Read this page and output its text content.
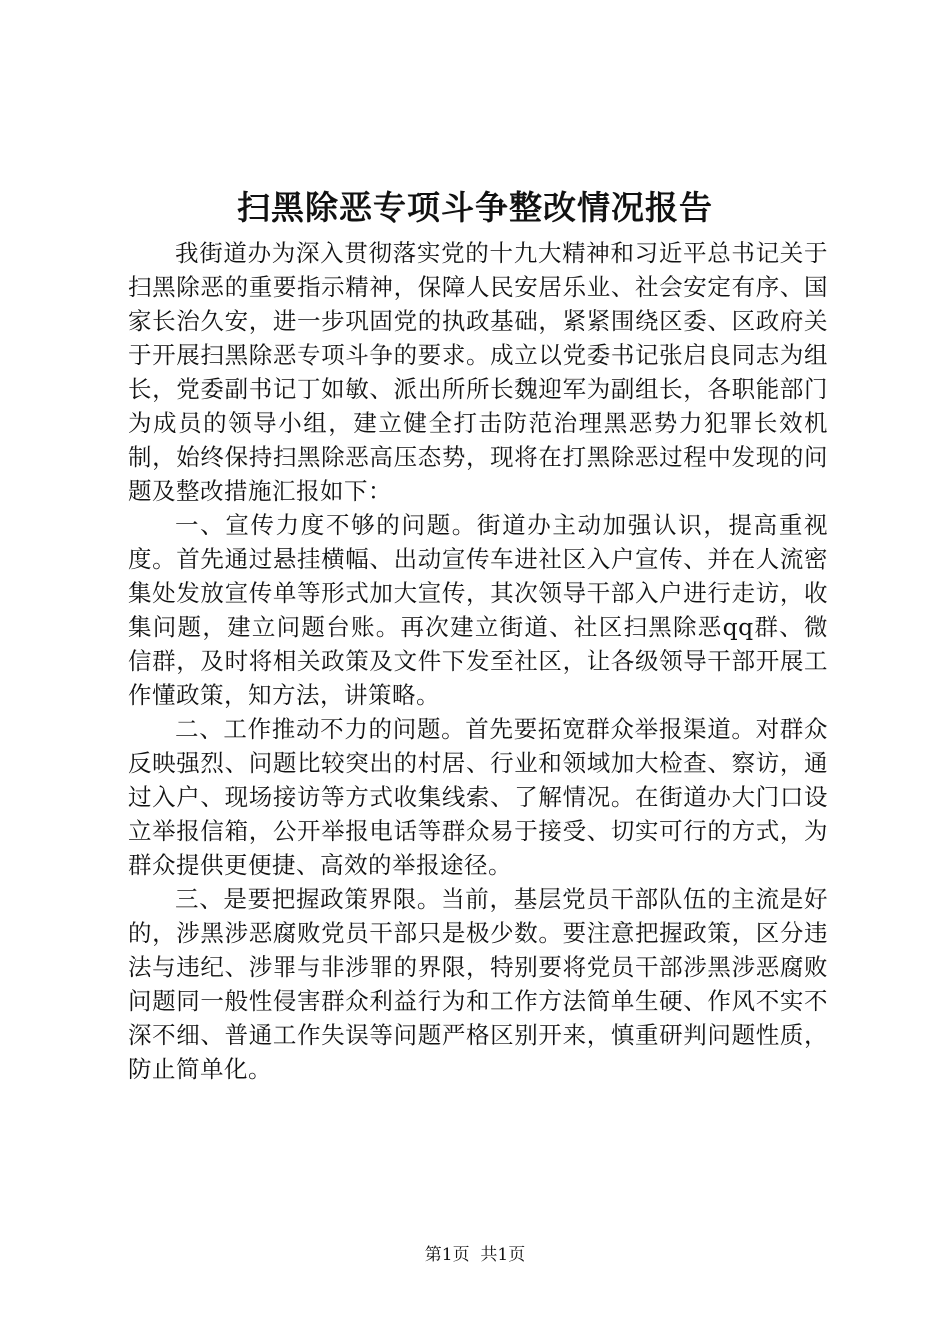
扫黑除恶专项斗争整改情况报告

我街道办为深入贯彻落实党的十九大精神和习近平总书记关于扫黑除恶的重要指示精神，保障人民安居乐业、社会安定有序、国家长治久安，进一步巩固党的执政基础，紧紧围绕区委、区政府关于开展扫黑除恶专项斗争的要求。成立以党委书记张启良同志为组长，党委副书记丁如敏、派出所所长魏迎军为副组长，各职能部门为成员的领导小组，建立健全打击防范治理黑恶势力犯罪长效机制，始终保持扫黑除恶高压态势，现将在打黑除恶过程中发现的问题及整改措施汇报如下：

一、宣传力度不够的问题。街道办主动加强认识，提高重视度。首先通过悬挂横幅、出动宣传车进社区入户宣传、并在人流密集处发放宣传单等形式加大宣传，其次领导干部入户进行走访，收集问题，建立问题台账。再次建立街道、社区扫黑除恶qq群、微信群，及时将相关政策及文件下发至社区，让各级领导干部开展工作懂政策，知方法，讲策略。

二、工作推动不力的问题。首先要拓宽群众举报渠道。对群众反映强烈、问题比较突出的村居、行业和领域加大检查、察访，通过入户、现场接访等方式收集线索、了解情况。在街道办大门口设立举报信箱，公开举报电话等群众易于接受、切实可行的方式，为群众提供更便捷、高效的举报途径。

三、是要把握政策界限。当前，基层党员干部队伍的主流是好的，涉黑涉恶腐败党员干部只是极少数。要注意把握政策，区分违法与违纪、涉罪与非涉罪的界限，特别要将党员干部涉黑涉恶腐败问题同一般性侵害群众利益行为和工作方法简单生硬、作风不实不深不细、普通工作失误等问题严格区别开来，慎重研判问题性质，防止简单化。

第1页 共1页
